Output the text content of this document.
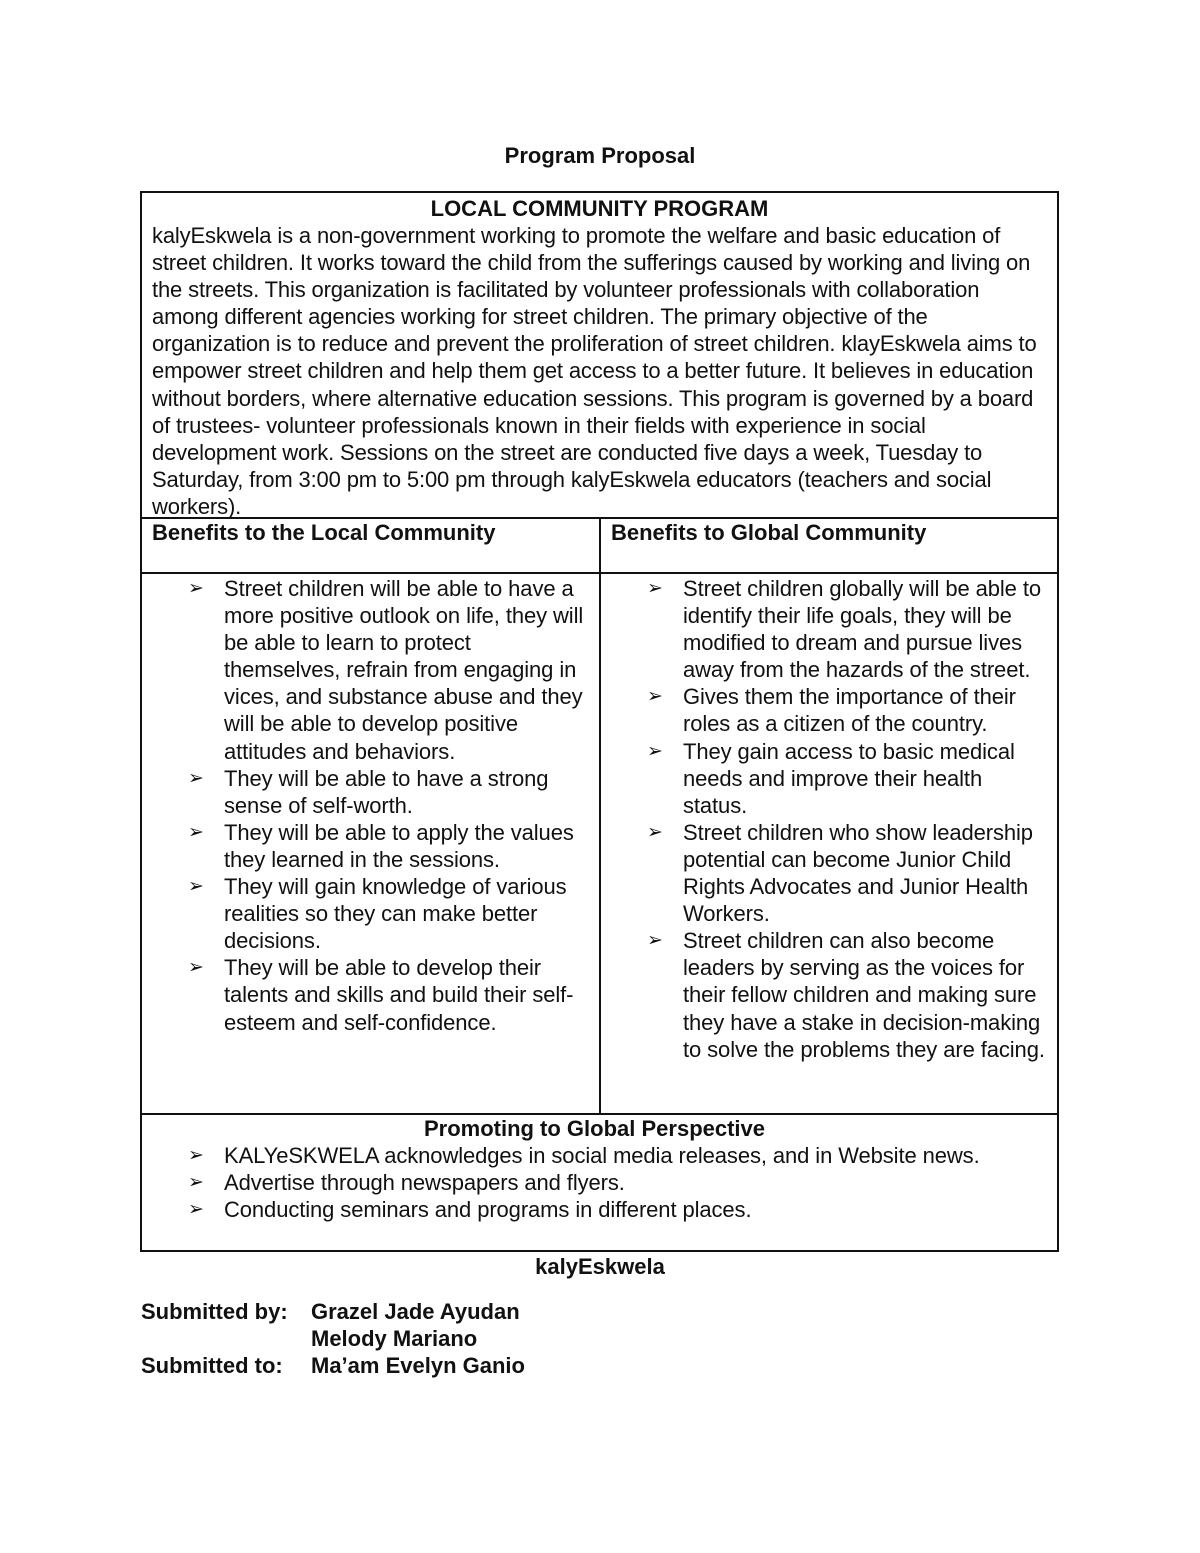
Program Proposal
LOCAL COMMUNITY PROGRAM
kalyEskwela is a non-government working to promote the welfare and basic education of street children. It works toward the child from the sufferings caused by working and living on the streets. This organization is facilitated by volunteer professionals with collaboration among different agencies working for street children. The primary objective of the organization is to reduce and prevent the proliferation of street children. klayEskwela aims to empower street children and help them get access to a better future. It believes in education without borders, where alternative education sessions. This program is governed by a board of trustees- volunteer professionals known in their fields with experience in social development work. Sessions on the street are conducted five days a week, Tuesday to Saturday, from 3:00 pm to 5:00 pm through kalyEskwela educators (teachers and social workers).
Benefits to the Local Community	Benefits to Global Community
➢ Street children will be able to have a more positive outlook on life, they will be able to learn to protect themselves, refrain from engaging in vices, and substance abuse and they will be able to develop positive attitudes and behaviors.
➢ They will be able to have a strong sense of self-worth.
➢ They will be able to apply the values they learned in the sessions.
➢ They will gain knowledge of various realities so they can make better decisions.
➢ They will be able to develop their talents and skills and build their self-esteem and self-confidence.
➢ Street children globally will be able to identify their life goals, they will be modified to dream and pursue lives away from the hazards of the street.
➢ Gives them the importance of their roles as a citizen of the country.
➢ They gain access to basic medical needs and improve their health status.
➢ Street children who show leadership potential can become Junior Child Rights Advocates and Junior Health Workers.
➢ Street children can also become leaders by serving as the voices for their fellow children and making sure they have a stake in decision-making to solve the problems they are facing.
Promoting to Global Perspective
➢ KALYeSKWELA acknowledges in social media releases, and in Website news.
➢ Advertise through newspapers and flyers.
➢ Conducting seminars and programs in different places.
kalyEskwela
Submitted by: Grazel Jade Ayudan
Melody Mariano
Submitted to: Ma’am Evelyn Ganio
